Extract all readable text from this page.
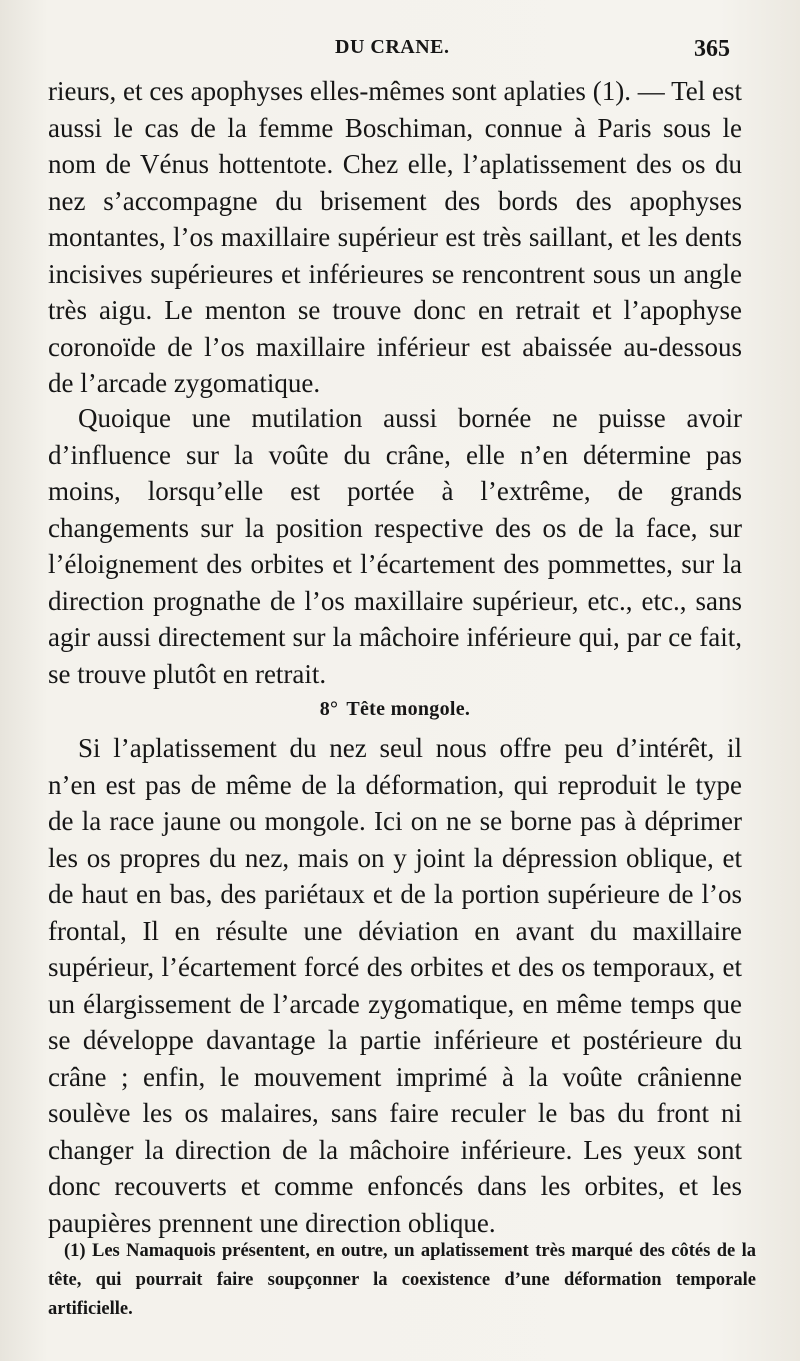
DU CRANE.	365

rieurs, et ces apophyses elles-mêmes sont aplaties (1). — Tel est aussi le cas de la femme Boschiman, connue à Paris sous le nom de Vénus hottentote. Chez elle, l’aplatissement des os du nez s’accompagne du brisement des bords des apophyses montantes, l’os maxillaire supérieur est très saillant, et les dents incisives supérieures et inférieures se rencontrent sous un angle très aigu. Le menton se trouve donc en retrait et l’apophyse coronoïde de l’os maxillaire inférieur est abaissée au-dessous de l’arcade zygomatique.

Quoique une mutilation aussi bornée ne puisse avoir d’influence sur la voûte du crâne, elle n’en détermine pas moins, lorsqu’elle est portée à l’extrême, de grands changements sur la position respective des os de la face, sur l’éloignement des orbites et l’écartement des pommettes, sur la direction prognathe de l’os maxillaire supérieur, etc., etc., sans agir aussi directement sur la mâchoire inférieure qui, par ce fait, se trouve plutôt en retrait.

8° Tête mongole.

Si l’aplatissement du nez seul nous offre peu d’intérêt, il n’en est pas de même de la déformation, qui reproduit le type de la race jaune ou mongole. Ici on ne se borne pas à déprimer les os propres du nez, mais on y joint la dépression oblique, et de haut en bas, des pariétaux et de la portion supérieure de l’os frontal, Il en résulte une déviation en avant du maxillaire supérieur, l’écartement forcé des orbites et des os temporaux, et un élargissement de l’arcade zygomatique, en même temps que se développe davantage la partie inférieure et postérieure du crâne ; enfin, le mouvement imprimé à la voûte crânienne soulève les os malaires, sans faire reculer le bas du front ni changer la direction de la mâchoire inférieure. Les yeux sont donc recouverts et comme enfoncés dans les orbites, et les paupières prennent une direction oblique.

(1) Les Namaquois présentent, en outre, un aplatissement très marqué des côtés de la tête, qui pourrait faire soupçonner la coexistence d’une déformation temporale artificielle.
